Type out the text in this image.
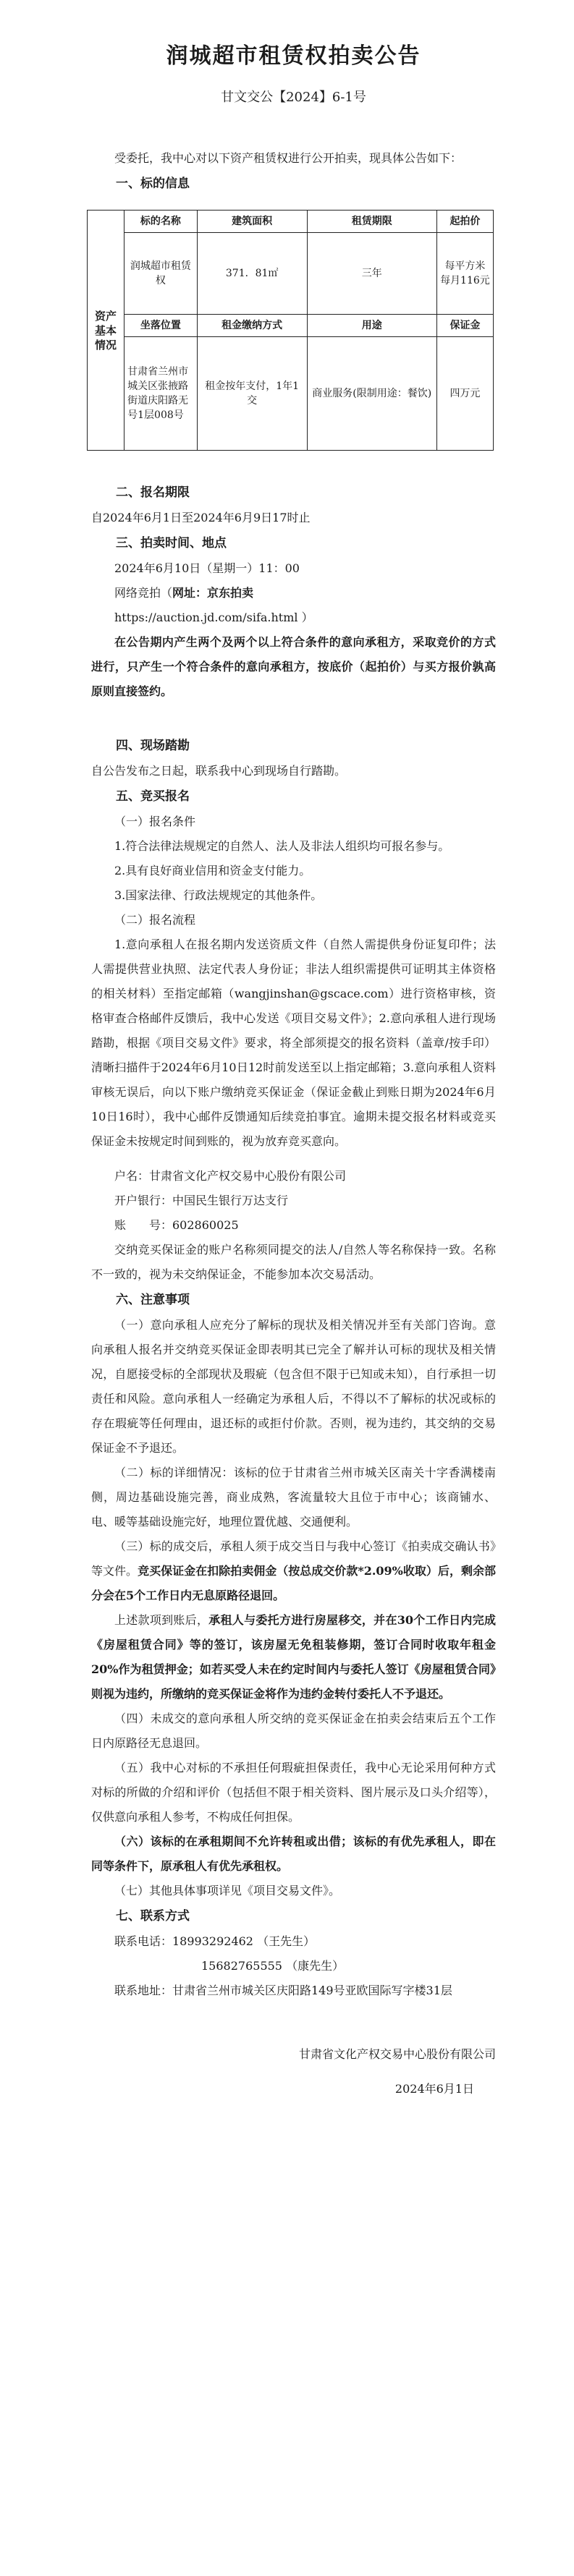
润城超市租赁权拍卖公告
甘文交公【2024】6-1号

受委托，我中心对以下资产租赁权进行公开拍卖，现具体公告如下：

一、标的信息

资产基本情况	标的名称	建筑面积	租赁期限	起拍价
	润城超市租赁权	371．81㎡	三年	每平方米每月116元
	坐落位置	租金缴纳方式	用途	保证金
	甘肃省兰州市城关区张掖路街道庆阳路无号1层008号	租金按年支付，1年1交	商业服务(限制用途：餐饮)	四万元

二、报名期限

自2024年6月1日至2024年6月9日17时止

三、拍卖时间、地点

2024年6月10日（星期一）11：00

网络竞拍（网址：京东拍卖

https://auction.jd.com/sifa.html ）

在公告期内产生两个及两个以上符合条件的意向承租方，采取竞价的方式进行，只产生一个符合条件的意向承租方，按底价（起拍价）与买方报价孰高原则直接签约。

四、现场踏勘

自公告发布之日起，联系我中心到现场自行踏勘。

五、竞买报名

（一）报名条件

1.符合法律法规规定的自然人、法人及非法人组织均可报名参与。

2.具有良好商业信用和资金支付能力。

3.国家法律、行政法规规定的其他条件。

（二）报名流程

1.意向承租人在报名期内发送资质文件（自然人需提供身份证复印件；法人需提供营业执照、法定代表人身份证；非法人组织需提供可证明其主体资格的相关材料）至指定邮箱（wangjinshan@gscace.com）进行资格审核，资格审查合格邮件反馈后，我中心发送《项目交易文件》；2.意向承租人进行现场踏勘，根据《项目交易文件》要求，将全部须提交的报名资料（盖章/按手印）清晰扫描件于2024年6月10日12时前发送至以上指定邮箱；3.意向承租人资料审核无误后，向以下账户缴纳竞买保证金（保证金截止到账日期为2024年6月10日16时），我中心邮件反馈通知后续竞拍事宜。逾期未提交报名材料或竞买保证金未按规定时间到账的，视为放弃竞买意向。

户名：甘肃省文化产权交易中心股份有限公司

开户银行：中国民生银行万达支行

账　　号：602860025

交纳竞买保证金的账户名称须同提交的法人/自然人等名称保持一致。名称不一致的，视为未交纳保证金，不能参加本次交易活动。

六、注意事项

（一）意向承租人应充分了解标的现状及相关情况并至有关部门咨询。意向承租人报名并交纳竞买保证金即表明其已完全了解并认可标的现状及相关情况，自愿接受标的全部现状及瑕疵（包含但不限于已知或未知），自行承担一切责任和风险。意向承租人一经确定为承租人后，不得以不了解标的状况或标的存在瑕疵等任何理由，退还标的或拒付价款。否则，视为违约，其交纳的交易保证金不予退还。

（二）标的详细情况：该标的位于甘肃省兰州市城关区南关十字香满楼南侧，周边基础设施完善，商业成熟，客流量较大且位于市中心；该商铺水、电、暖等基础设施完好，地理位置优越、交通便利。

（三）标的成交后，承租人须于成交当日与我中心签订《拍卖成交确认书》等文件。竞买保证金在扣除拍卖佣金（按总成交价款*2.09%收取）后，剩余部分会在5个工作日内无息原路径退回。

上述款项到账后，承租人与委托方进行房屋移交，并在30个工作日内完成《房屋租赁合同》等的签订，该房屋无免租装修期，签订合同时收取年租金20%作为租赁押金；如若买受人未在约定时间内与委托人签订《房屋租赁合同》则视为违约，所缴纳的竞买保证金将作为违约金转付委托人不予退还。

（四）未成交的意向承租人所交纳的竞买保证金在拍卖会结束后五个工作日内原路径无息退回。

（五）我中心对标的不承担任何瑕疵担保责任，我中心无论采用何种方式对标的所做的介绍和评价（包括但不限于相关资料、图片展示及口头介绍等），仅供意向承租人参考，不构成任何担保。

（六）该标的在承租期间不允许转租或出借；该标的有优先承租人，即在同等条件下，原承租人有优先承租权。

（七）其他具体事项详见《项目交易文件》。

七、联系方式

联系电话：18993292462 （王先生）

15682765555 （康先生）

联系地址：甘肃省兰州市城关区庆阳路149号亚欧国际写字楼31层

甘肃省文化产权交易中心股份有限公司

2024年6月1日
